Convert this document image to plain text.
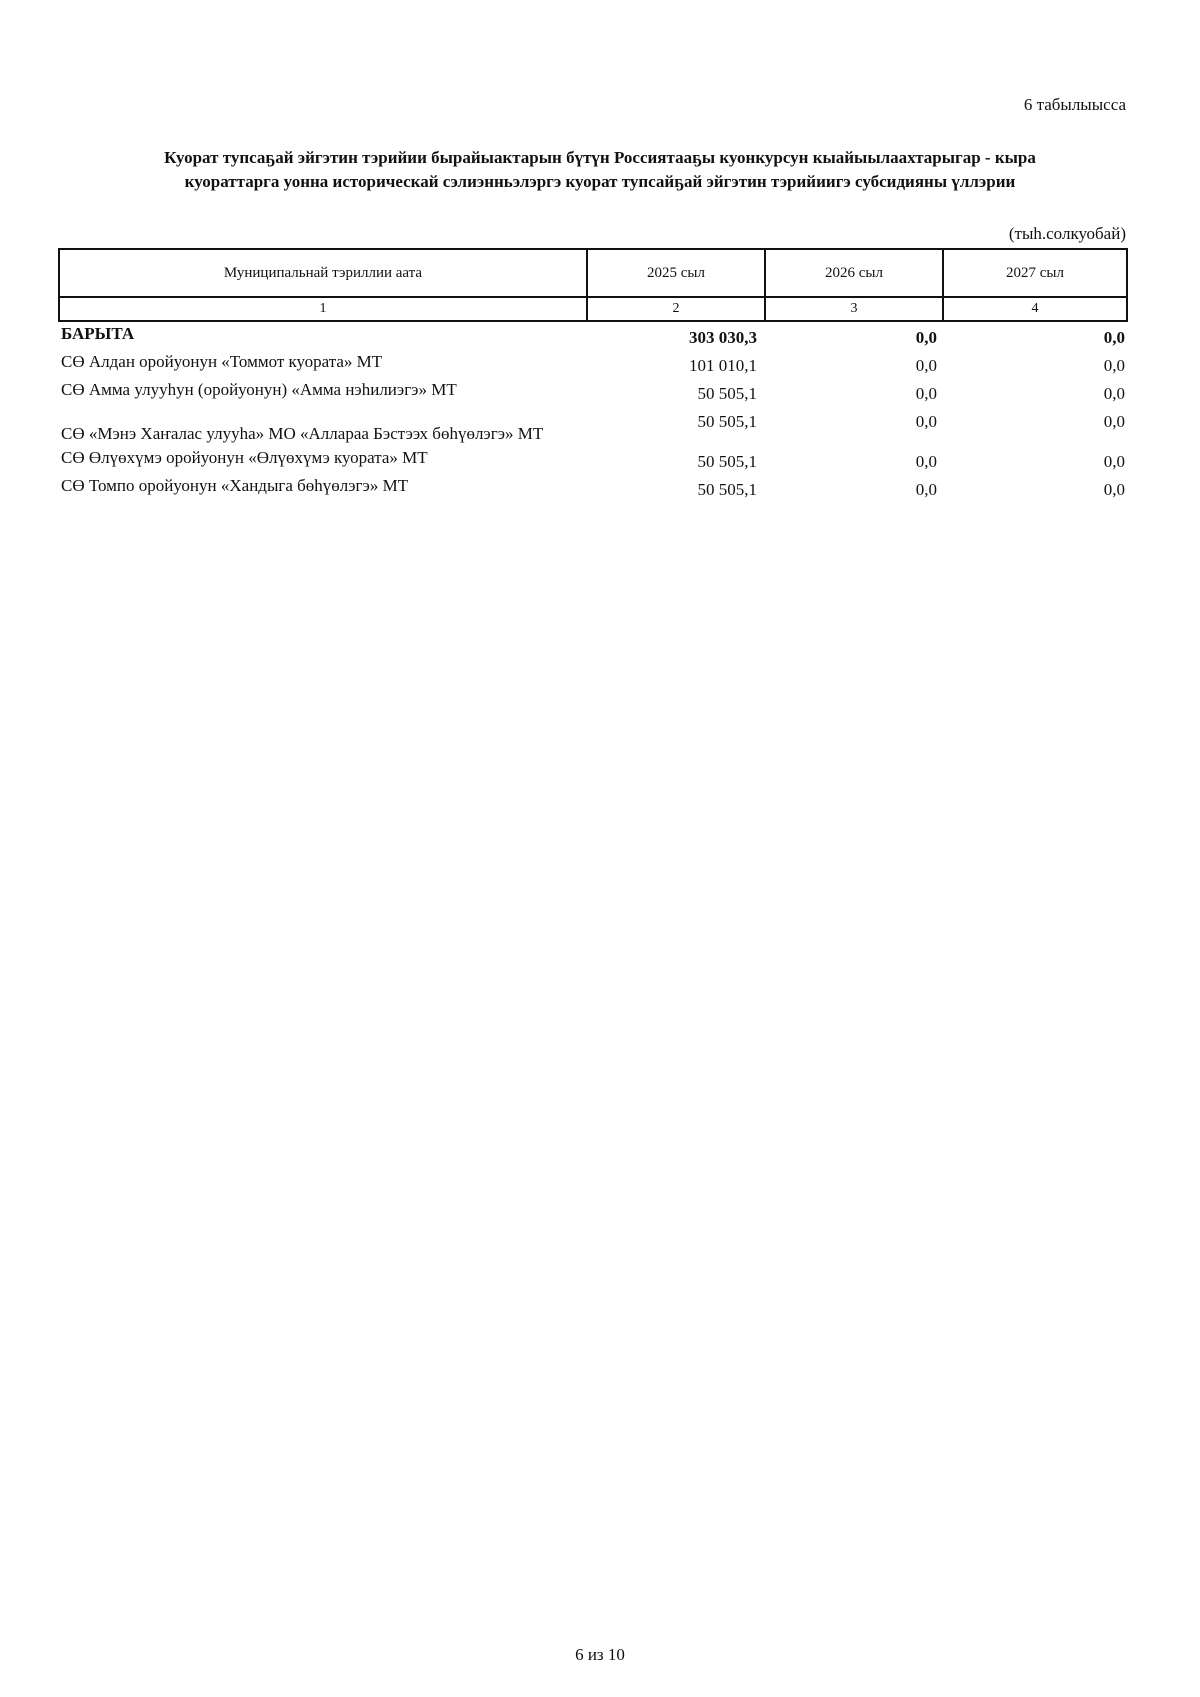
6 табылыысса
Куорат тупсаҕай эйгэтин тэрийии бырайыактарын бүтүн Россиятааҕы куонкурсун кыайыылаахтарыгар - кыра
куораттарга уонна историческай сэлиэнньэлэргэ куорат тупсайҕай эйгэтин тэрийиигэ субсидияны үллэрии
(тыһ.солкуобай)
Муниципальнай тэриллии аата	2025 сыл	2026 сыл	2027 сыл
1	2	3	4
БАРЫТА	303 030,3	0,0	0,0
СӨ Алдан оройуонун «Томмот куората» МТ	101 010,1	0,0	0,0
СӨ Амма улууһун (оройуонун) «Амма нэһилиэгэ» МТ	50 505,1	0,0	0,0
СӨ «Мэнэ Хаҥалас улууһа» МО «Аллараа Бэстээх бөһүөлэгэ» МТ	50 505,1	0,0	0,0
СӨ Өлүөхүмэ оройуонун «Өлүөхүмэ куората» МТ	50 505,1	0,0	0,0
СӨ Томпо оройуонун «Хандыга бөһүөлэгэ» МТ	50 505,1	0,0	0,0
6 из 10
